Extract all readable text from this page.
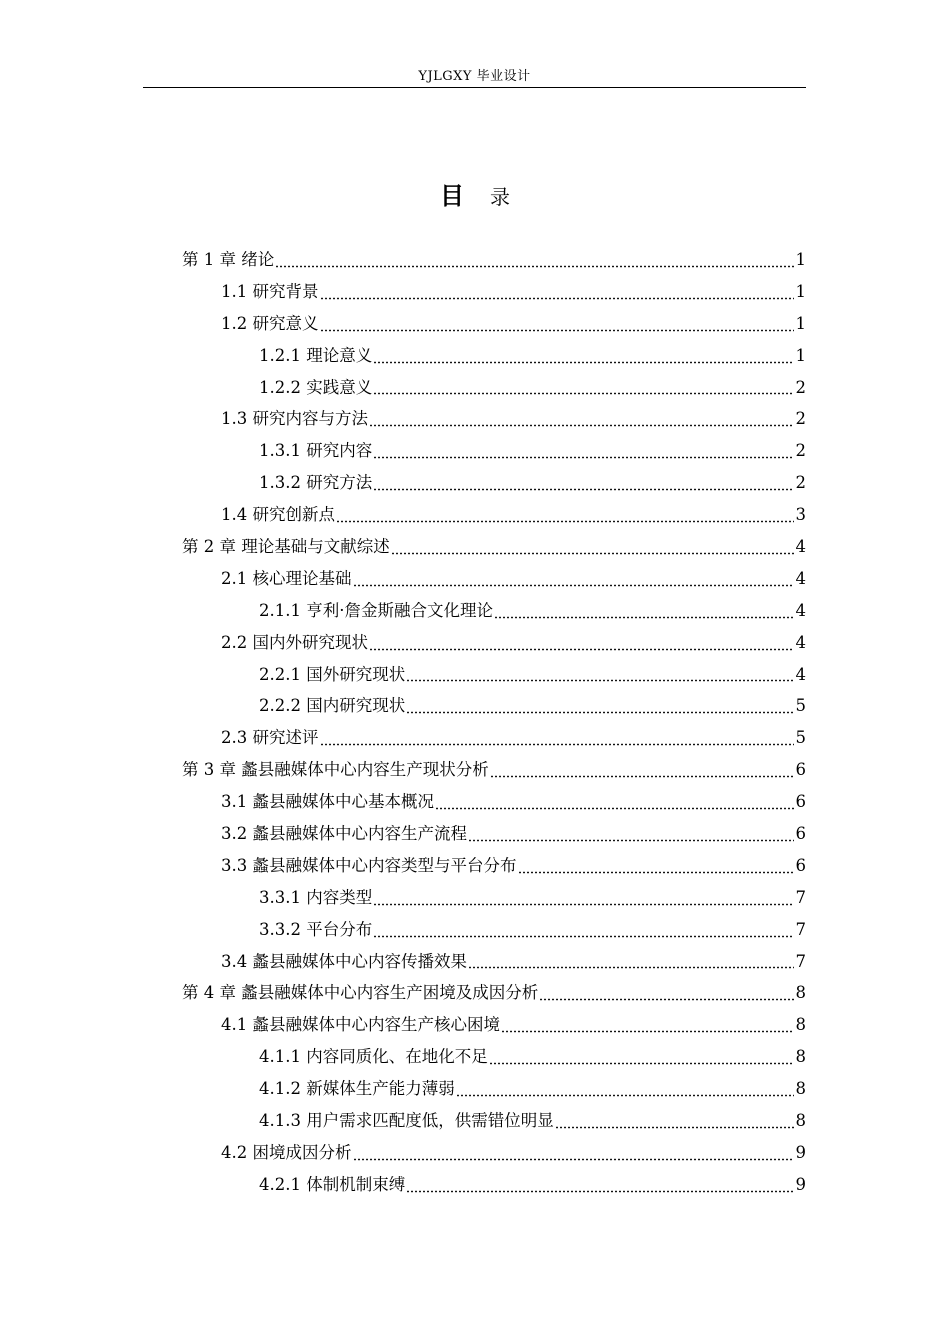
YJLGXY 毕业设计
目 录
第 1 章 绪论	1
1.1 研究背景	1
1.2 研究意义	1
1.2.1 理论意义	1
1.2.2 实践意义	2
1.3 研究内容与方法	2
1.3.1 研究内容	2
1.3.2 研究方法	2
1.4 研究创新点	3
第 2 章 理论基础与文献综述	4
2.1 核心理论基础	4
2.1.1 亨利·詹金斯融合文化理论	4
2.2 国内外研究现状	4
2.2.1 国外研究现状	4
2.2.2 国内研究现状	5
2.3 研究述评	5
第 3 章 蠡县融媒体中心内容生产现状分析	6
3.1 蠡县融媒体中心基本概况	6
3.2 蠡县融媒体中心内容生产流程	6
3.3 蠡县融媒体中心内容类型与平台分布	6
3.3.1 内容类型	7
3.3.2 平台分布	7
3.4 蠡县融媒体中心内容传播效果	7
第 4 章 蠡县融媒体中心内容生产困境及成因分析	8
4.1 蠡县融媒体中心内容生产核心困境	8
4.1.1 内容同质化、在地化不足	8
4.1.2 新媒体生产能力薄弱	8
4.1.3 用户需求匹配度低，供需错位明显	8
4.2 困境成因分析	9
4.2.1 体制机制束缚	9
